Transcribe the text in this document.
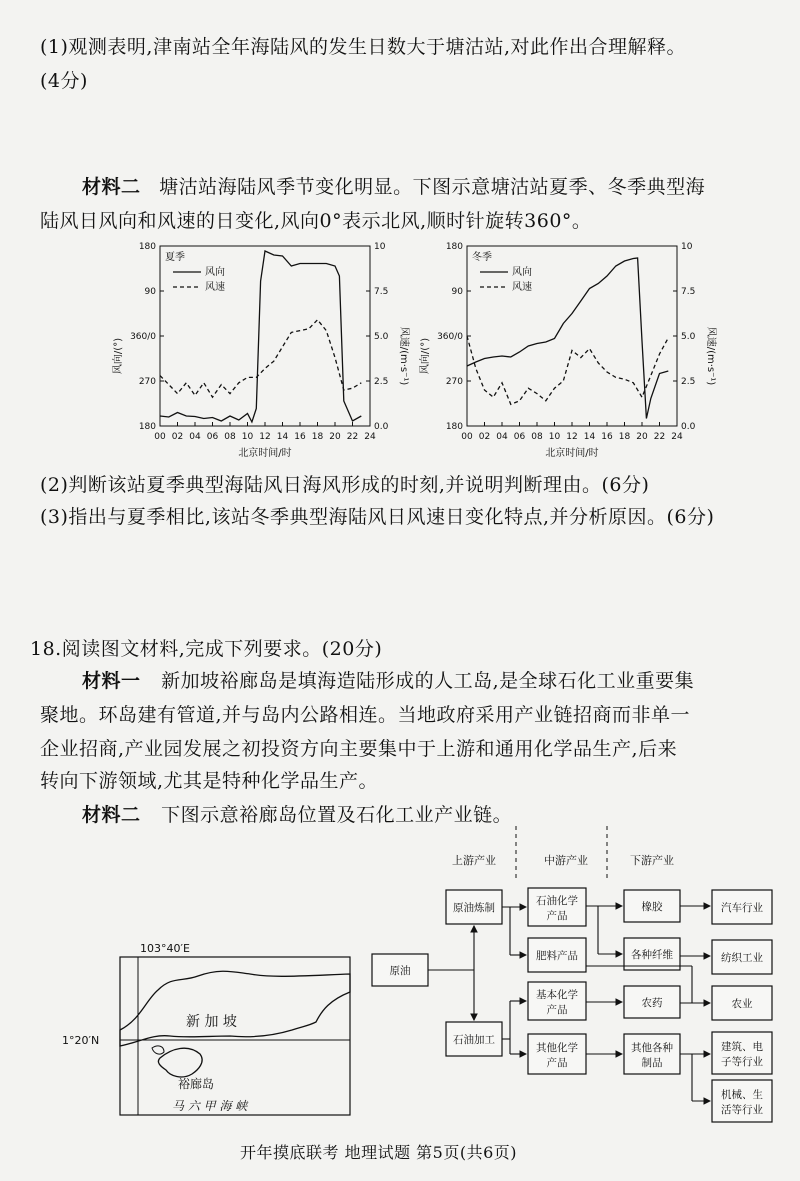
(1)观测表明,津南站全年海陆风的发生日数大于塘沽站,对此作出合理解释。
(4分)
材料二 塘沽站海陆风季节变化明显。下图示意塘沽站夏季、冬季典型海
陆风日风向和风速的日变化,风向0°表示北风,顺时针旋转360°。
夏季
风向
风速
风向/(°)	风速/(m·s⁻¹)
北京时间/时
00 02 04 06 08 10 12 14 16 18 20 22 24
180
90
360/0
270
180
10
7.5
5.0
2.5
0.0
冬季
风向
风速
风向/(°)	风速/(m·s⁻¹)
北京时间/时
00 02 04 06 08 10 12 14 16 18 20 22 24
180
90
360/0
270
180
10
7.5
5.0
2.5
0.0
(2)判断该站夏季典型海陆风日海风形成的时刻,并说明判断理由。(6分)
(3)指出与夏季相比,该站冬季典型海陆风日风速日变化特点,并分析原因。(6分)
18.阅读图文材料,完成下列要求。(20分)
材料一 新加坡裕廊岛是填海造陆形成的人工岛,是全球石化工业重要集
聚地。环岛建有管道,并与岛内公路相连。当地政府采用产业链招商而非单一
企业招商,产业园发展之初投资方向主要集中于上游和通用化学品生产,后来
转向下游领域,尤其是特种化学品生产。
材料二 下图示意裕廊岛位置及石化工业产业链。
103°40′E
1°20′N
新 加 坡
裕廊岛
马 六 甲 海 峡
上游产业	中游产业	下游产业
原油
原油炼制
石油加工
石油化学
产品
肥料产品
基本化学
产品
其他化学
产品
橡胶
各种纤维
农药
其他各种
制品
汽车行业
纺织工业
农业
建筑、电
子等行业
机械、生
活等行业
开年摸底联考 地理试题 第5页(共6页)
